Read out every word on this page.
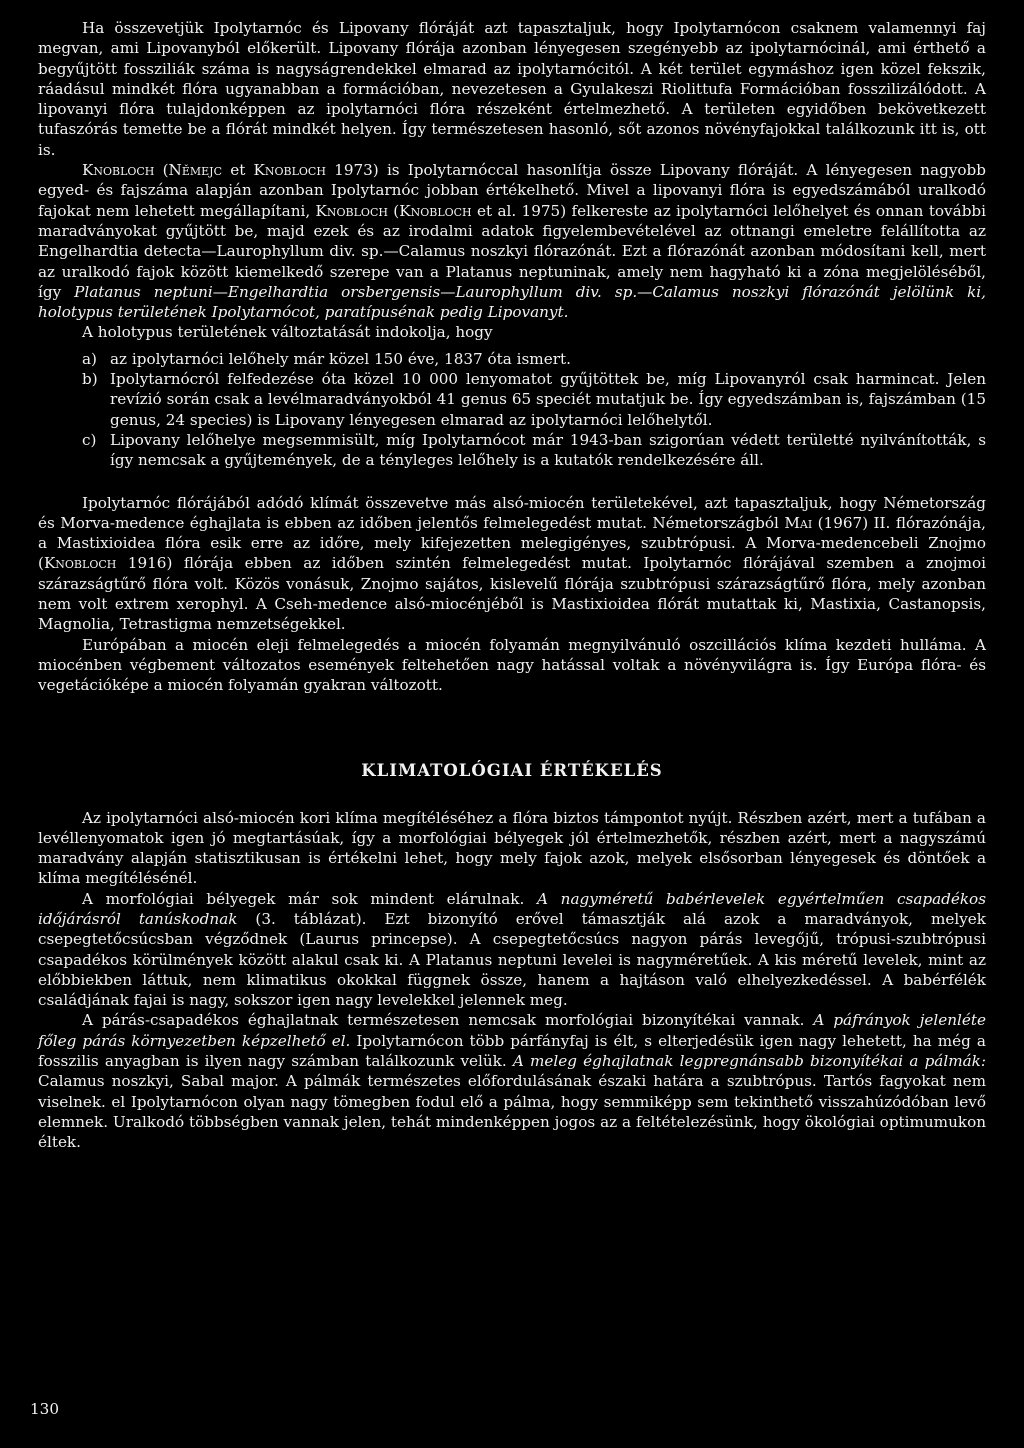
Ha összevetjük Ipolytarnóc és Lipovany flóráját azt tapasztaljuk, hogy Ipolytarnócon csaknem valamennyi faj megvan, ami Lipovanyból előkerült. Lipovany flórája azonban lényegesen szegényebb az ipolytarnócinál, ami érthető a begyűjtött fossziliák száma is nagyságrendekkel elmarad az ipolytarnócitól. A két terület egymáshoz igen közel fekszik, ráadásul mindkét flóra ugyanabban a formációban, nevezetesen a Gyulakeszi Riolittufa Formációban fosszilizálódott. A lipovanyi flóra tulajdonképpen az ipolytarnóci flóra részeként értelmezhető. A területen egyidőben bekövetkezett tufaszórás temette be a flórát mindkét helyen. Így természetesen hasonló, sőt azonos növényfajokkal találkozunk itt is, ott is.

Knobloch (Němejc et Knobloch 1973) is Ipolytarnóccal hasonlítja össze Lipovany flóráját. A lényegesen nagyobb egyed- és fajszáma alapján azonban Ipolytarnóc jobban értékelhető. Mivel a lipovanyi flóra is egyedszámából uralkodó fajokat nem lehetett megállapítani, Knobloch (Knobloch et al. 1975) felkereste az ipolytarnóci lelőhelyet és onnan további maradványokat gyűjtött be, majd ezek és az irodalmi adatok figyelembevételével az ottnangi emeletre felállította az Engelhardtia detecta—Laurophyllum div. sp.—Calamus noszkyi flórazónát. Ezt a flórazónát azonban módosítani kell, mert az uralkodó fajok között kiemelkedő szerepe van a Platanus neptuninak, amely nem hagyható ki a zóna megjelöléséből, így Platanus neptuni—Engelhardtia orsbergensis—Laurophyllum div. sp.—Calamus noszkyi flórazónát jelölünk ki, holotypus területének Ipolytarnócot, paratípusénak pedig Lipovanyt.

A holotypus területének változtatását indokolja, hogy

a) az ipolytarnóci lelőhely már közel 150 éve, 1837 óta ismert.
b) Ipolytarnócról felfedezése óta közel 10 000 lenyomatot gyűjtöttek be, míg Lipovanyról csak harmincat. Jelen revízió során csak a levélmaradványokból 41 genus 65 speciét mutatjuk be. Így egyedszámban is, fajszámban (15 genus, 24 species) is Lipovany lényegesen elmarad az ipolytarnóci lelőhelytől.
c) Lipovany lelőhelye megsemmisült, míg Ipolytarnócot már 1943-ban szigorúan védett területté nyilvánították, s így nemcsak a gyűjtemények, de a tényleges lelőhely is a kutatók rendelkezésére áll.

Ipolytarnóc flórájából adódó klímát összevetve más alsó-miocén területekével, azt tapasztaljuk, hogy Németország és Morva-medence éghajlata is ebben az időben jelentős felmelegedést mutat. Németországból Mai (1967) II. flórazónája, a Mastixioidea flóra esik erre az időre, mely kifejezetten melegigényes, szubtrópusi. A Morva-medencebeli Znojmo (Knobloch 1916) flórája ebben az időben szintén felmelegedést mutat. Ipolytarnóc flórájával szemben a znojmoi szárazságtűrő flóra volt. Közös vonásuk, Znojmo sajátos, kislevelű flórája szubtrópusi szárazságtűrő flóra, mely azonban nem volt extrem xerophyl. A Cseh-medence alsó-miocénjéből is Mastixioidea flórát mutattak ki, Mastixia, Castanopsis, Magnolia, Tetrastigma nemzetségekkel.

Európában a miocén eleji felmelegedés a miocén folyamán megnyilvánuló oszcillációs klíma kezdeti hulláma. A miocénben végbement változatos események feltehetően nagy hatással voltak a növényvilágra is. Így Európa flóra- és vegetációképe a miocén folyamán gyakran változott.

KLIMATOLÓGIAI ÉRTÉKELÉS

Az ipolytarnóci alsó-miocén kori klíma megítéléséhez a flóra biztos támpontot nyújt. Részben azért, mert a tufában a levéllenyomatok igen jó megtartásúak, így a morfológiai bélyegek jól értelmezhetők, részben azért, mert a nagyszámú maradvány alapján statisztikusan is értékelni lehet, hogy mely fajok azok, melyek elsősorban lényegesek és döntőek a klíma megítélésénél.

A morfológiai bélyegek már sok mindent elárulnak. A nagyméretű babérlevelek egyértelműen csapadékos időjárásról tanúskodnak (3. táblázat). Ezt bizonyító erővel támasztják alá azok a maradványok, melyek csepegtetőcsúcsban végződnek (Laurus princepse). A csepegtetőcsúcs nagyon párás levegőjű, trópusi-szubtrópusi csapadékos körülmények között alakul csak ki. A Platanus neptuni levelei is nagyméretűek. A kis méretű levelek, mint az előbbiekben láttuk, nem klimatikus okokkal függnek össze, hanem a hajtáson való elhelyezkedéssel. A babérfélék családjának fajai is nagy, sokszor igen nagy levelekkel jelennek meg.

A párás-csapadékos éghajlatnak természetesen nemcsak morfológiai bizonyítékai vannak. A páfrányok jelenléte főleg párás környezetben képzelhető el. Ipolytarnócon több párfányfaj is élt, s elterjedésük igen nagy lehetett, ha még a fosszilis anyagban is ilyen nagy számban találkozunk velük. A meleg éghajlatnak legpregnánsabb bizonyítékai a pálmák: Calamus noszkyi, Sabal major. A pálmák természetes előfordulásának északi határa a szubtrópus. Tartós fagyokat nem viselnek. el Ipolytarnócon olyan nagy tömegben fodul elő a pálma, hogy semmiképp sem tekinthető visszahúzódóban levő elemnek. Uralkodó többségben vannak jelen, tehát mindenképpen jogos az a feltételezésünk, hogy ökológiai optimumukon éltek.

130
